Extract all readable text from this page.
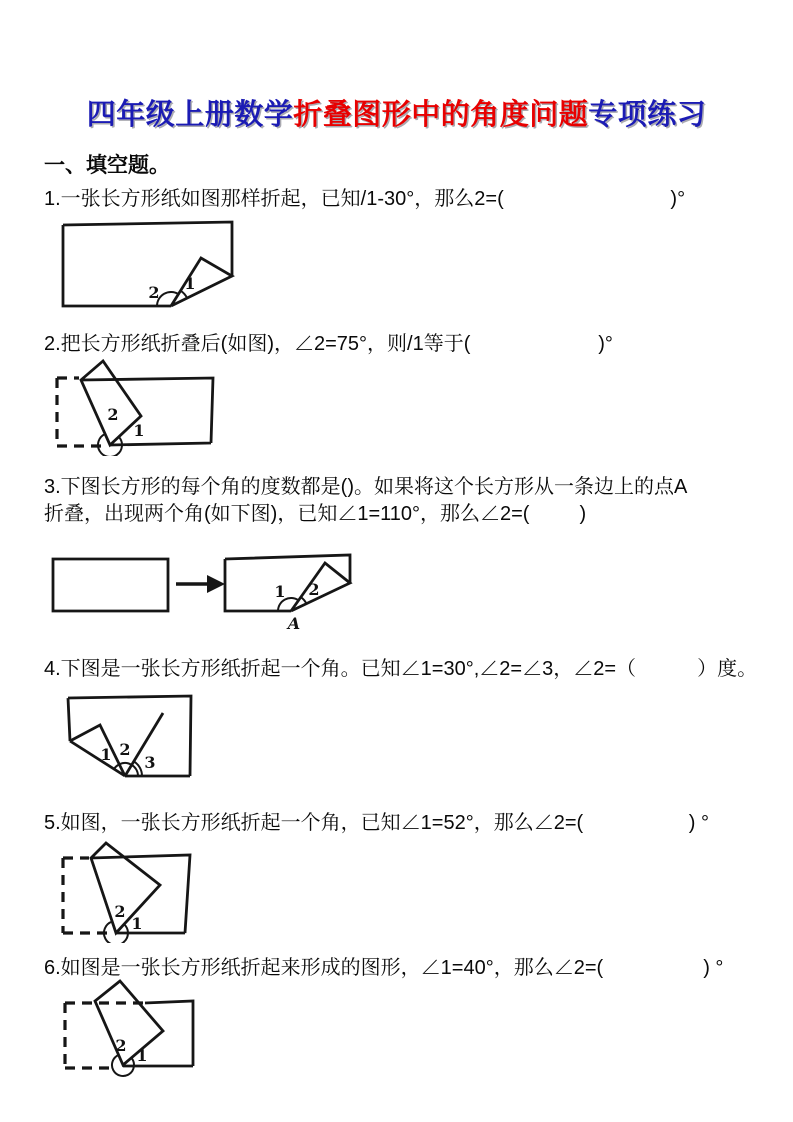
四年级上册数学折叠图形中的角度问题专项练习
一、填空题。
1.一张长方形纸如图那样折起，已知/1-30°，那么2=(                              )°
2 1
2.把长方形纸折叠后(如图)，∠2=75°，则/1等于(                       )°
2
1
3.下图长方形的每个角的度数都是()。如果将这个长方形从一条边上的点A
折叠，出现两个角(如下图)，已知∠1=110°，那么∠2=(         )
1 2
A
4.下图是一张长方形纸折起一个角。已知∠1=30°,∠2=∠3，∠2=（           ）度。
1 2
3
5.如图，一张长方形纸折起一个角，已知∠1=52°，那么∠2=(                   ) °
2
1
6.如图是一张长方形纸折起来形成的图形，∠1=40°，那么∠2=(                  ) °
2
1
